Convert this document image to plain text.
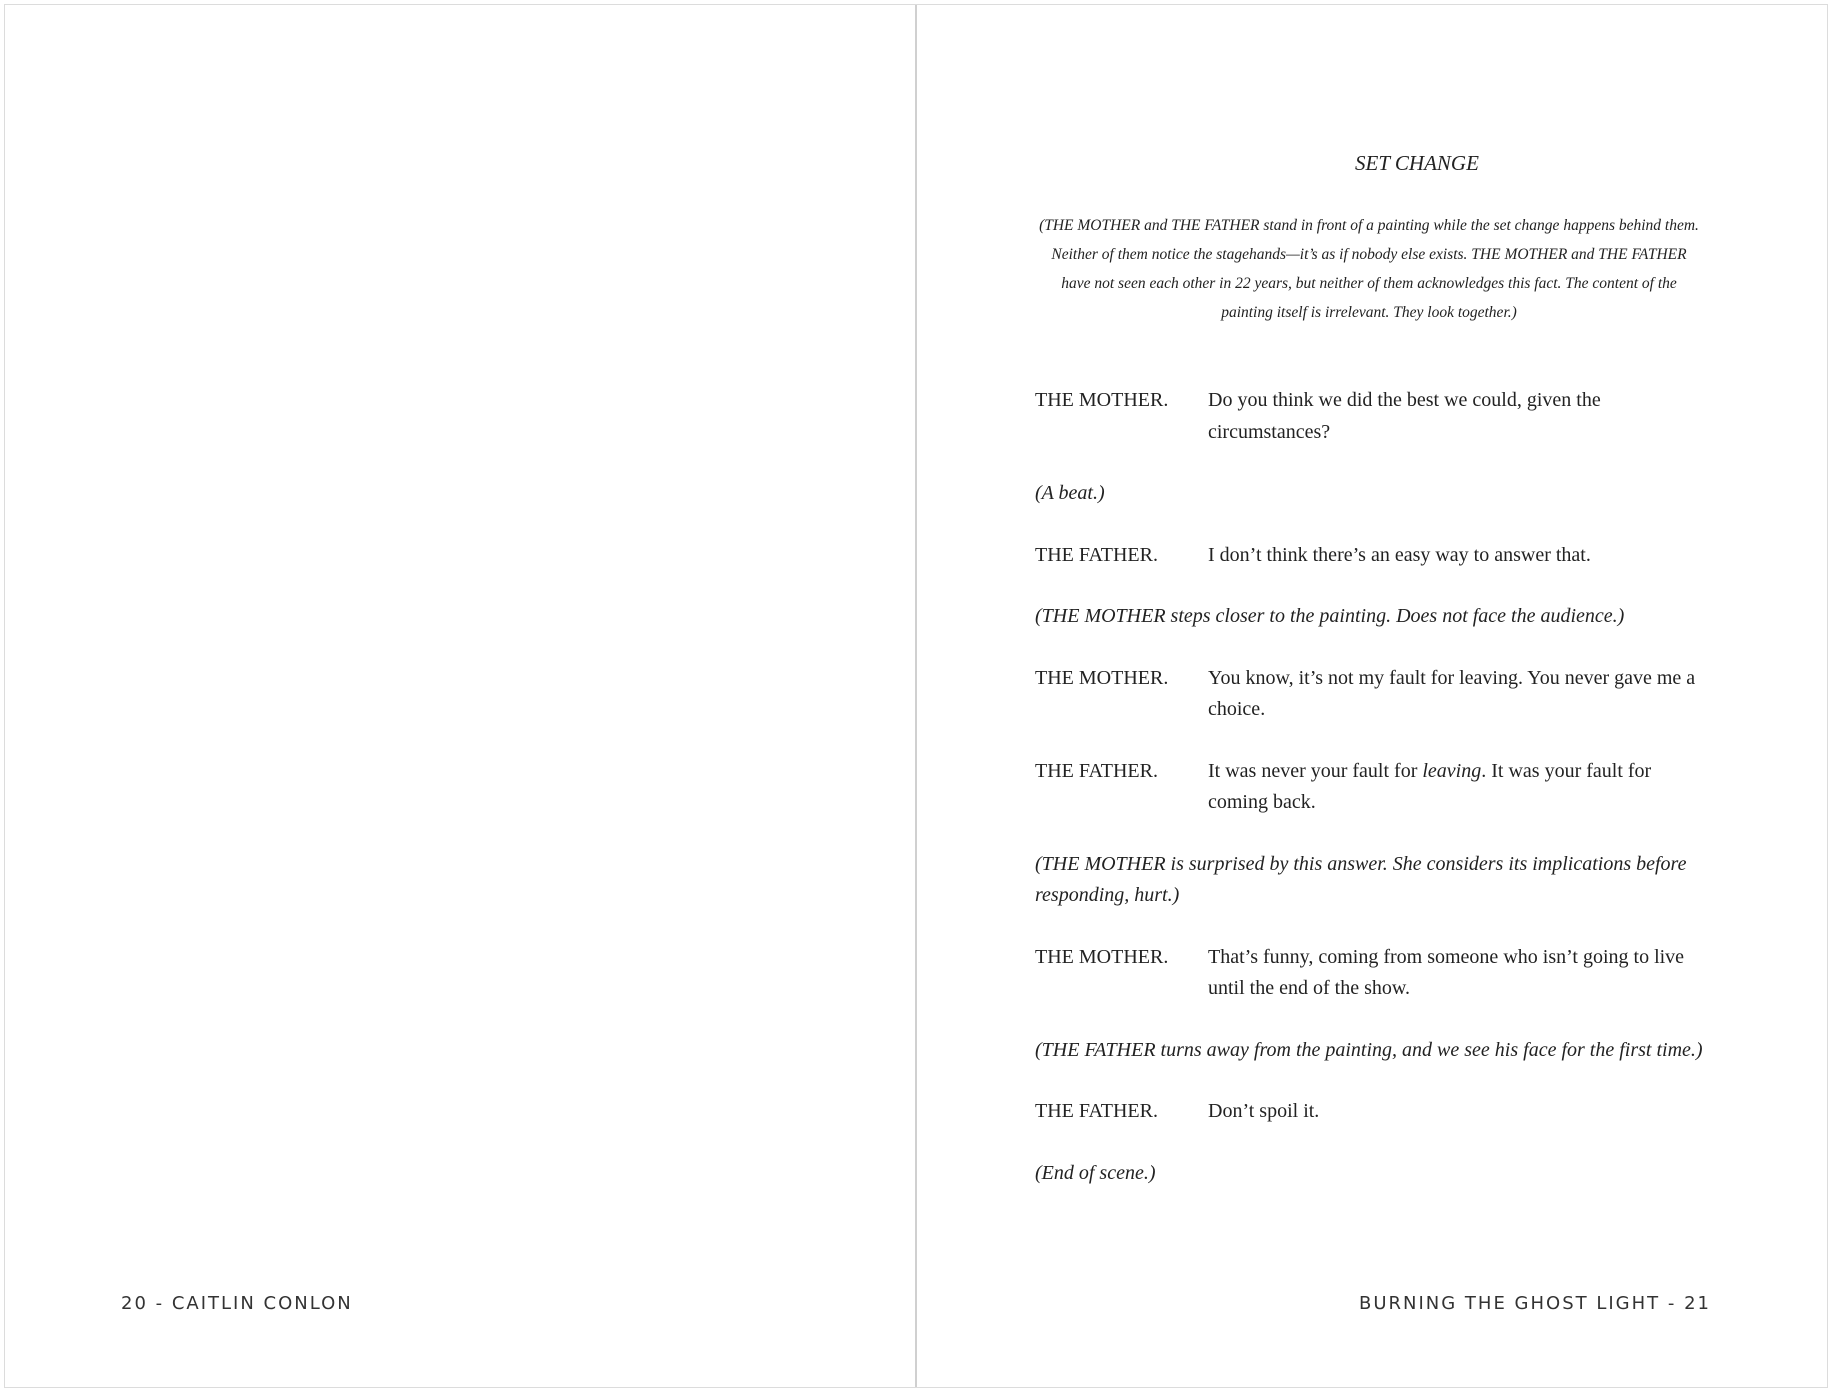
20 - CAITLIN CONLON
SET CHANGE
(THE MOTHER and THE FATHER stand in front of a painting while the set change happens behind them. Neither of them notice the stagehands—it’s as if nobody else exists. THE MOTHER and THE FATHER have not seen each other in 22 years, but neither of them acknowledges this fact. The content of the painting itself is irrelevant. They look together.)
THE MOTHER.	Do you think we did the best we could, given the circumstances?
(A beat.)
THE FATHER.	I don’t think there’s an easy way to answer that.
(THE MOTHER steps closer to the painting. Does not face the audience.)
THE MOTHER.	You know, it’s not my fault for leaving. You never gave me a choice.
THE FATHER.	It was never your fault for leaving. It was your fault for coming back.
(THE MOTHER is surprised by this answer. She considers its implications before responding, hurt.)
THE MOTHER.	That’s funny, coming from someone who isn’t going to live until the end of the show.
(THE FATHER turns away from the painting, and we see his face for the first time.)
THE FATHER.	Don’t spoil it.
(End of scene.)
BURNING THE GHOST LIGHT - 21
